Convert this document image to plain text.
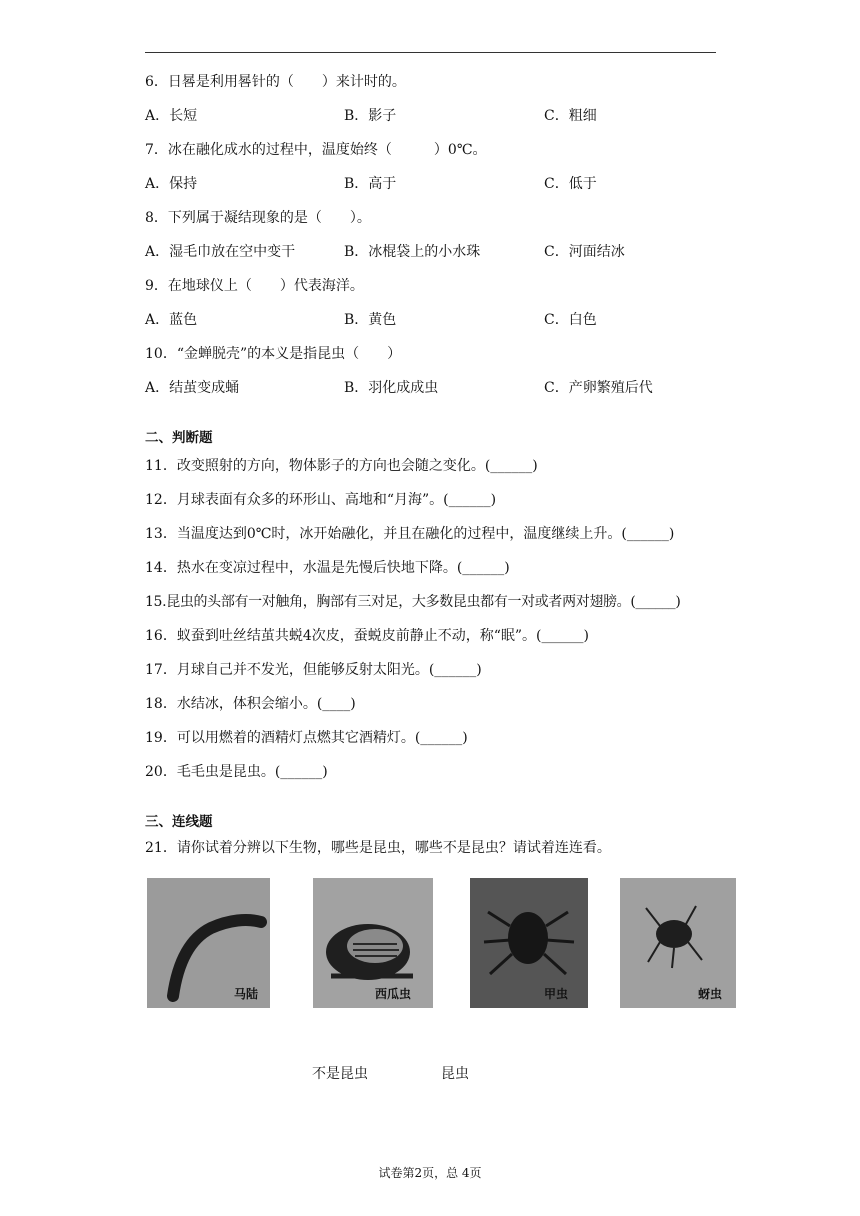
6．日晷是利用晷针的（　　）来计时的。
A．长短	B．影子	C．粗细
7．冰在融化成水的过程中，温度始终（　　　）0℃。
A．保持	B．高于	C．低于
8．下列属于凝结现象的是（　　）。
A．湿毛巾放在空中变干	B．冰棍袋上的小水珠	C．河面结冰
9．在地球仪上（　　）代表海洋。
A．蓝色	B．黄色	C．白色
10．“金蝉脱壳”的本义是指昆虫（　　）
A．结茧变成蛹	B．羽化成成虫	C．产卵繁殖后代
二、判断题
11．改变照射的方向，物体影子的方向也会随之变化。(______)
12．月球表面有众多的环形山、高地和“月海”。(______)
13．当温度达到0℃时，冰开始融化，并且在融化的过程中，温度继续上升。(______)
14．热水在变凉过程中，水温是先慢后快地下降。(______)
15.昆虫的头部有一对触角，胸部有三对足，大多数昆虫都有一对或者两对翅膀。(______)
16．蚁蚕到吐丝结茧共蜕4次皮，蚕蜕皮前静止不动，称“眠”。(______)
17．月球自己并不发光，但能够反射太阳光。(______)
18．水结冰，体积会缩小。(____)
19．可以用燃着的酒精灯点燃其它酒精灯。(______)
20．毛毛虫是昆虫。(______)
三、连线题
21．请你试着分辨以下生物，哪些是昆虫，哪些不是昆虫？请试着连连看。
马陆	西瓜虫	甲虫	蚜虫
不是昆虫	昆虫
试卷第2页，总 4页
